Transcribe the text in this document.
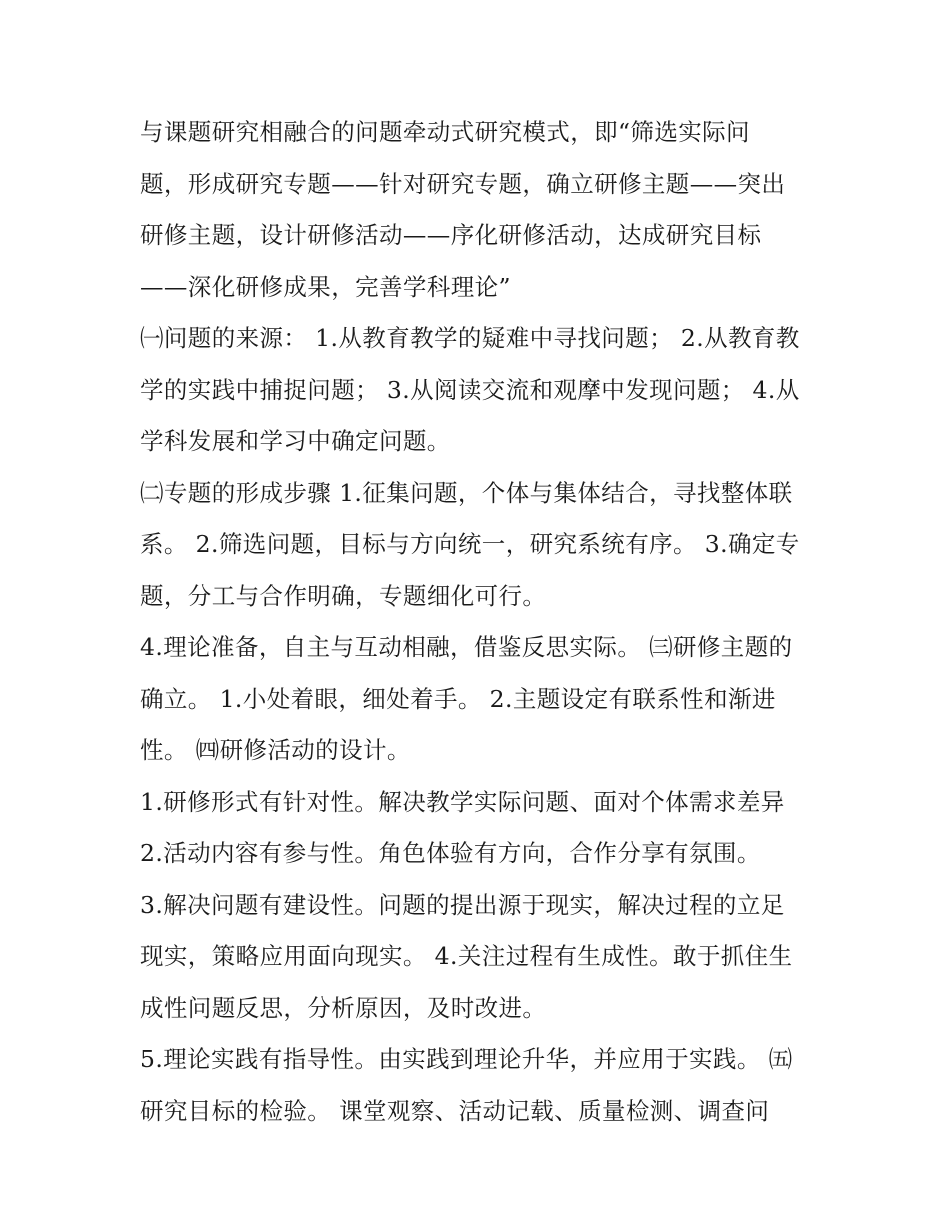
与课题研究相融合的问题牵动式研究模式，即“筛选实际问
题，形成研究专题——针对研究专题，确立研修主题——突出
研修主题，设计研修活动——序化研修活动，达成研究目标
——深化研修成果，完善学科理论”
㈠问题的来源： 1.从教育教学的疑难中寻找问题； 2.从教育教
学的实践中捕捉问题； 3.从阅读交流和观摩中发现问题； 4.从
学科发展和学习中确定问题。
㈡专题的形成步骤 1.征集问题，个体与集体结合，寻找整体联
系。 2.筛选问题，目标与方向统一，研究系统有序。 3.确定专
题，分工与合作明确，专题细化可行。
4.理论准备，自主与互动相融，借鉴反思实际。 ㈢研修主题的
确立。 1.小处着眼，细处着手。 2.主题设定有联系性和渐进
性。 ㈣研修活动的设计。
1.研修形式有针对性。解决教学实际问题、面对个体需求差异
2.活动内容有参与性。角色体验有方向，合作分享有氛围。
3.解决问题有建设性。问题的提出源于现实，解决过程的立足
现实，策略应用面向现实。 4.关注过程有生成性。敢于抓住生
成性问题反思，分析原因，及时改进。
5.理论实践有指导性。由实践到理论升华，并应用于实践。 ㈤
研究目标的检验。 课堂观察、活动记载、质量检测、调查问
